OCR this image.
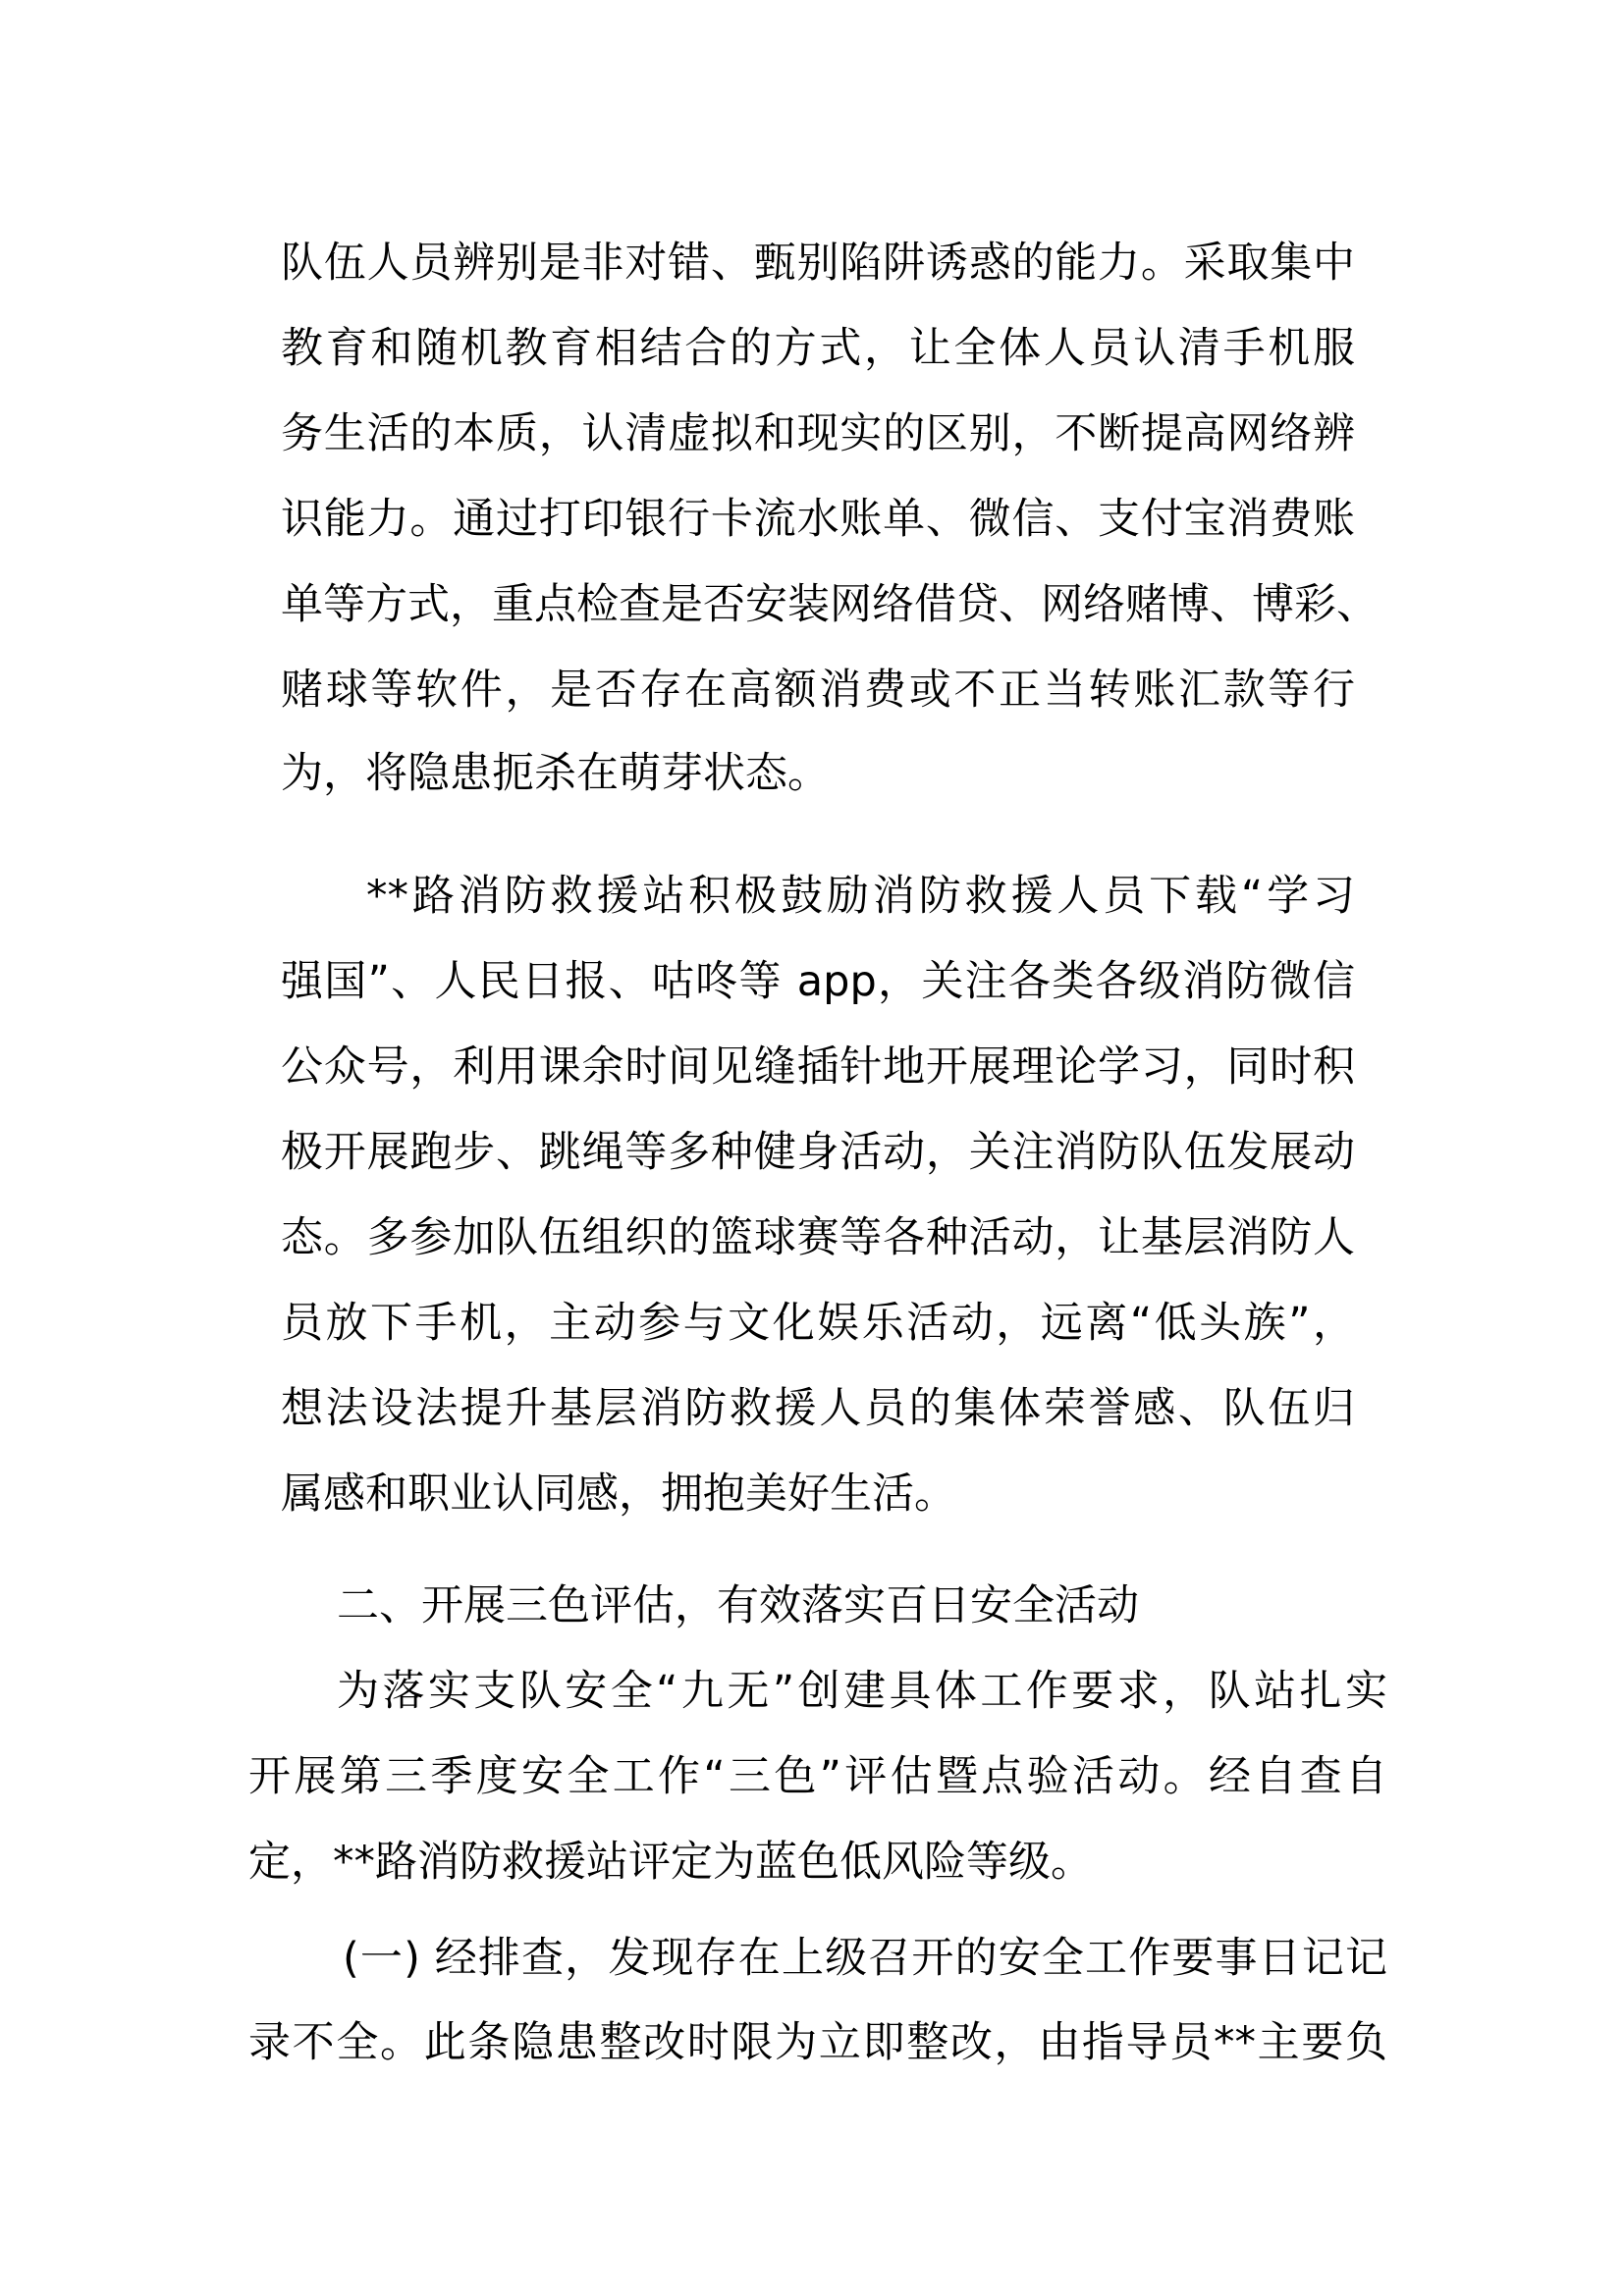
队伍人员辨别是非对错、甄别陷阱诱惑的能力。采取集中
教育和随机教育相结合的方式，让全体人员认清手机服
务生活的本质，认清虚拟和现实的区别，不断提高网络辨
识能力。通过打印银行卡流水账单、微信、支付宝消费账
单等方式，重点检查是否安装网络借贷、网络赌博、博彩、
赌球等软件，是否存在高额消费或不正当转账汇款等行
为，将隐患扼杀在萌芽状态。
**路消防救援站积极鼓励消防救援人员下载“学习
强国”、人民日报、咕咚等 app，关注各类各级消防微信
公众号，利用课余时间见缝插针地开展理论学习，同时积
极开展跑步、跳绳等多种健身活动，关注消防队伍发展动
态。多参加队伍组织的篮球赛等各种活动，让基层消防人
员放下手机，主动参与文化娱乐活动，远离“低头族”，
想法设法提升基层消防救援人员的集体荣誉感、队伍归
属感和职业认同感，拥抱美好生活。
二、开展三色评估，有效落实百日安全活动
为落实支队安全“九无”创建具体工作要求，队站扎实
开展第三季度安全工作“三色”评估暨点验活动。经自查自
定，**路消防救援站评定为蓝色低风险等级。
(一) 经排查，发现存在上级召开的安全工作要事日记记
录不全。此条隐患整改时限为立即整改，由指导员**主要负
